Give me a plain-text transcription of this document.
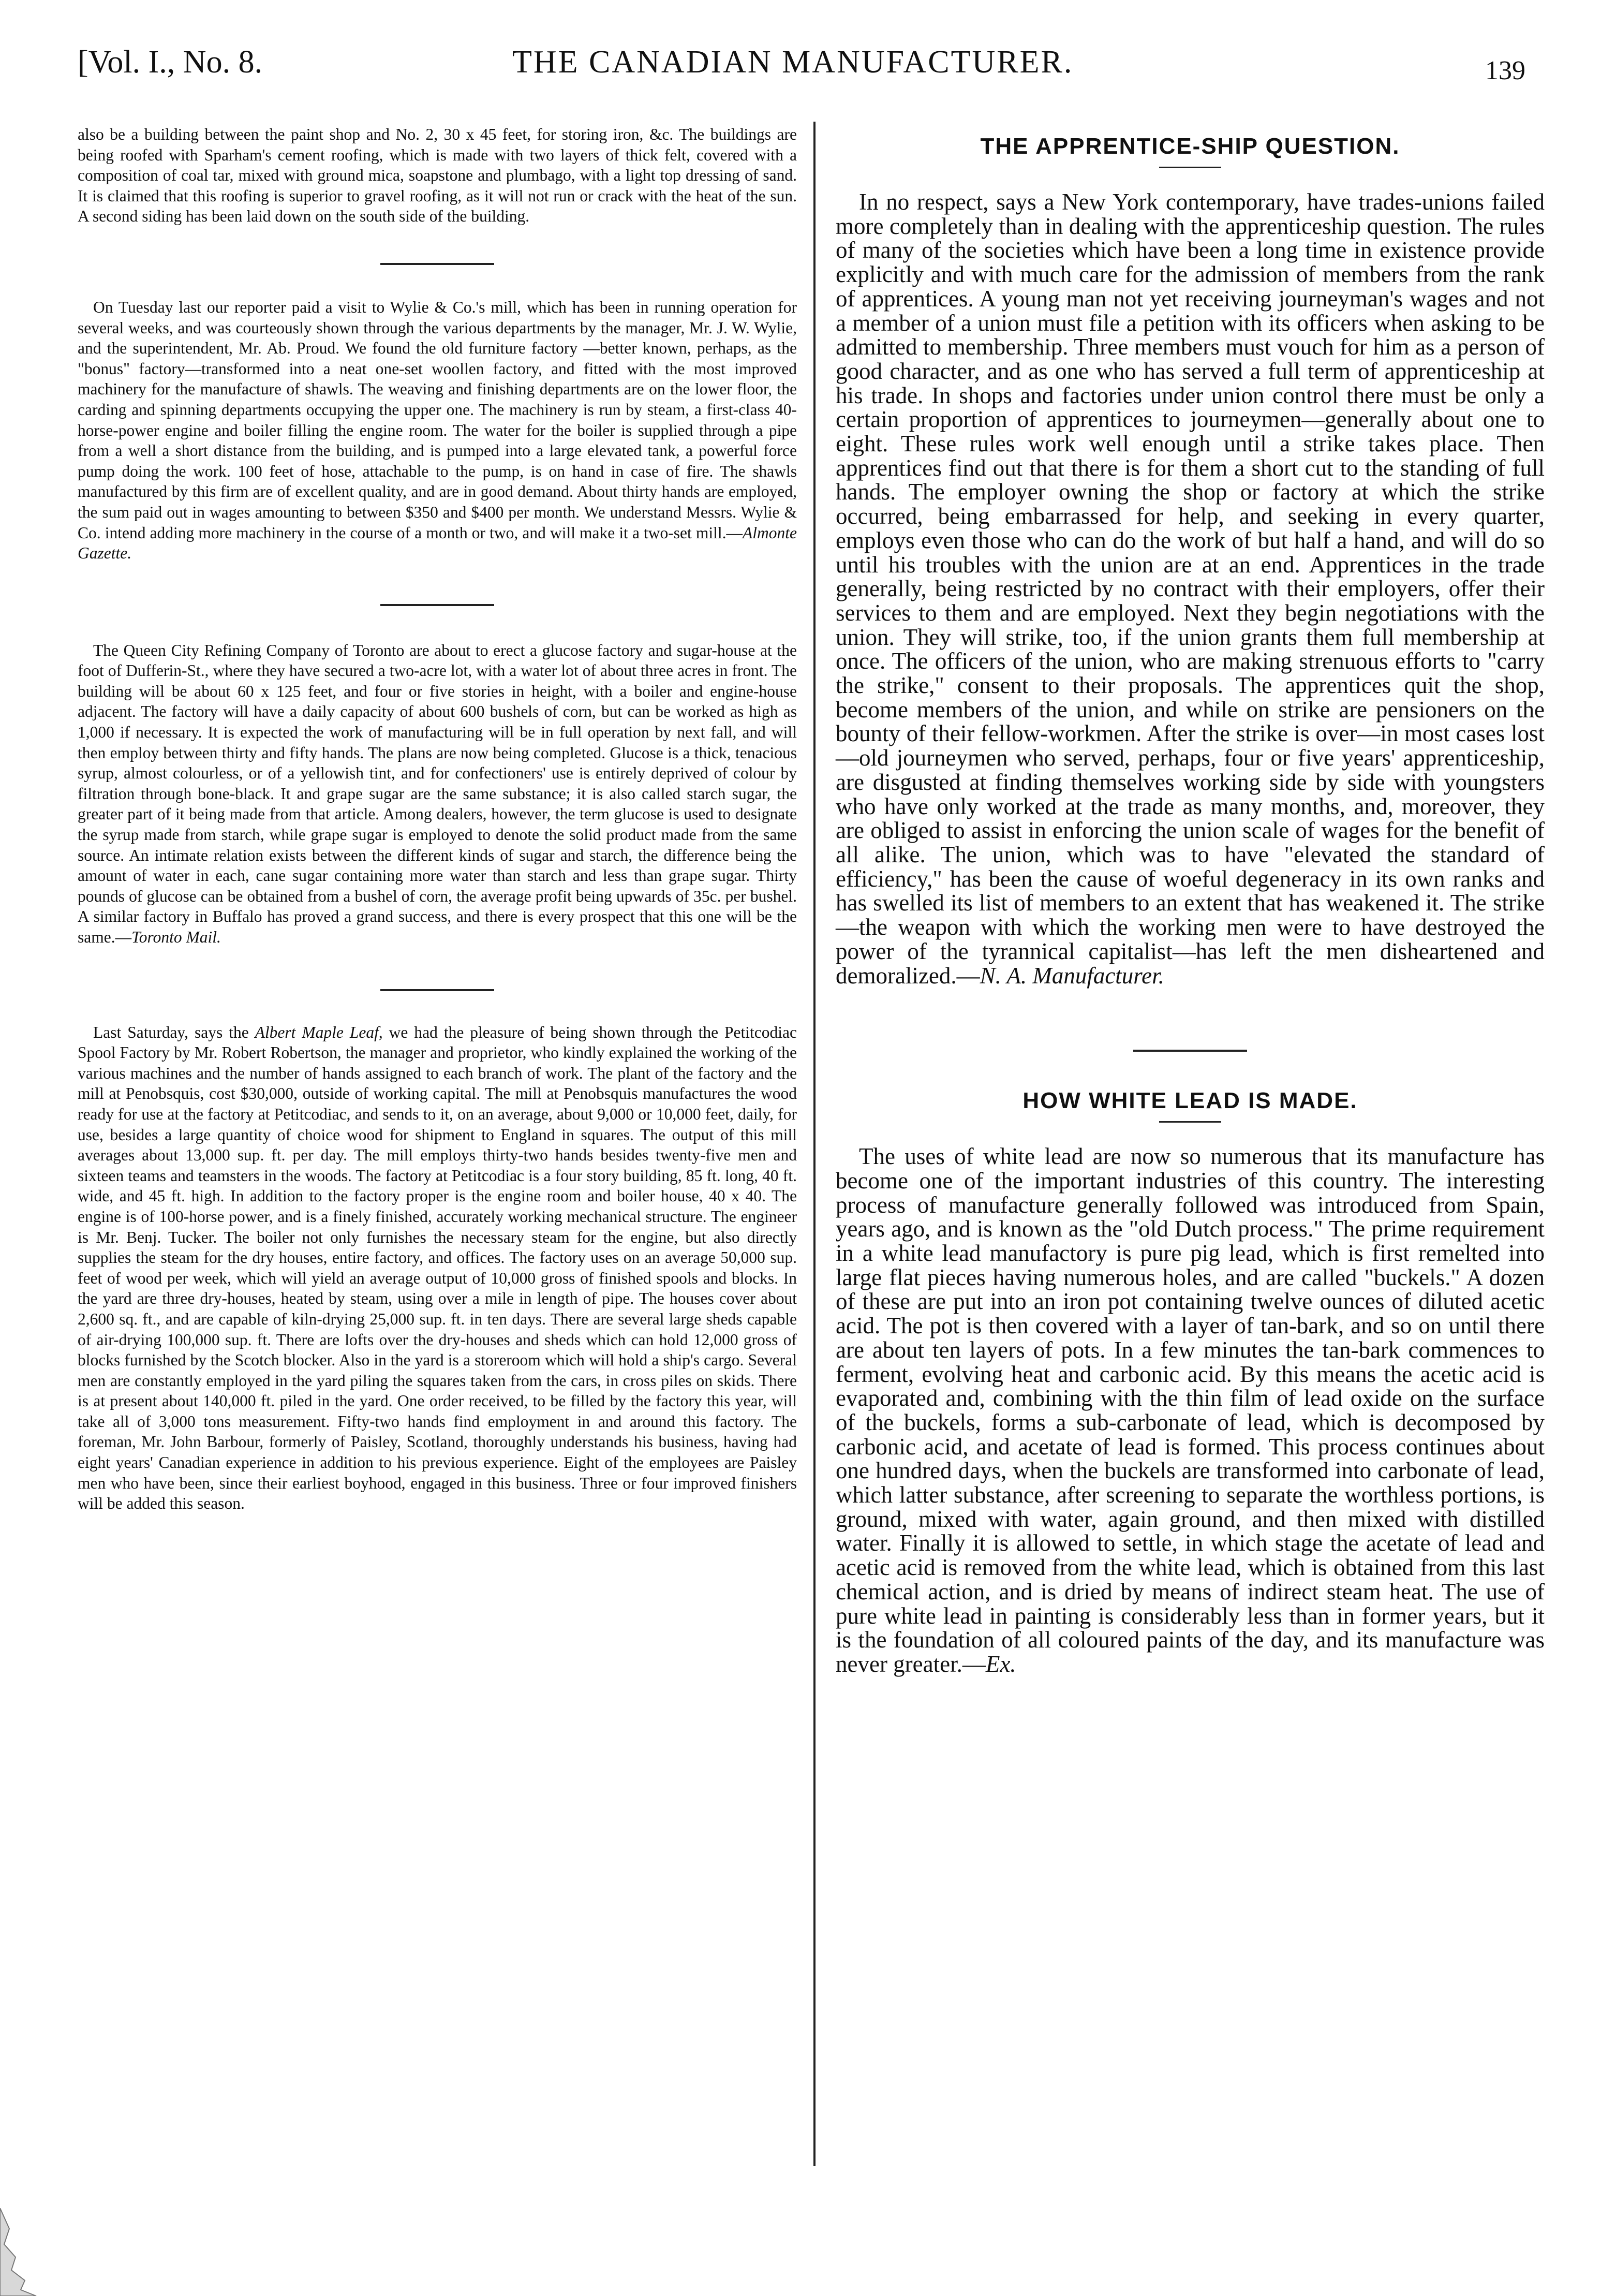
[Vol. I., No. 8.	THE CANADIAN MANUFACTURER.	139

also be a building between the paint shop and No. 2, 30 x 45 feet, for storing iron, &c. The buildings are being roofed with Sparham's cement roofing, which is made with two layers of thick felt, covered with a composition of coal tar, mixed with ground mica, soapstone and plumbago, with a light top dressing of sand. It is claimed that this roofing is superior to gravel roofing, as it will not run or crack with the heat of the sun. A second siding has been laid down on the south side of the building.

On Tuesday last our reporter paid a visit to Wylie & Co.'s mill, which has been in running operation for several weeks, and was courteously shown through the various departments by the manager, Mr. J. W. Wylie, and the superintendent, Mr. Ab. Proud. We found the old furniture factory —better known, perhaps, as the "bonus" factory—transformed into a neat one-set woollen factory, and fitted with the most improved machinery for the manufacture of shawls. The weaving and finishing departments are on the lower floor, the carding and spinning departments occupying the upper one. The machinery is run by steam, a first-class 40-horse-power engine and boiler filling the engine room. The water for the boiler is supplied through a pipe from a well a short distance from the building, and is pumped into a large elevated tank, a powerful force pump doing the work. 100 feet of hose, attachable to the pump, is on hand in case of fire. The shawls manufactured by this firm are of excellent quality, and are in good demand. About thirty hands are employed, the sum paid out in wages amounting to between $350 and $400 per month. We understand Messrs. Wylie & Co. intend adding more machinery in the course of a month or two, and will make it a two-set mill.—Almonte Gazette.

The Queen City Refining Company of Toronto are about to erect a glucose factory and sugar-house at the foot of Dufferin-St., where they have secured a two-acre lot, with a water lot of about three acres in front. The building will be about 60 x 125 feet, and four or five stories in height, with a boiler and engine-house adjacent. The factory will have a daily capacity of about 600 bushels of corn, but can be worked as high as 1,000 if necessary. It is expected the work of manufacturing will be in full operation by next fall, and will then employ between thirty and fifty hands. The plans are now being completed. Glucose is a thick, tenacious syrup, almost colourless, or of a yellowish tint, and for confectioners' use is entirely deprived of colour by filtration through bone-black. It and grape sugar are the same substance; it is also called starch sugar, the greater part of it being made from that article. Among dealers, however, the term glucose is used to designate the syrup made from starch, while grape sugar is employed to denote the solid product made from the same source. An intimate relation exists between the different kinds of sugar and starch, the difference being the amount of water in each, cane sugar containing more water than starch and less than grape sugar. Thirty pounds of glucose can be obtained from a bushel of corn, the average profit being upwards of 35c. per bushel. A similar factory in Buffalo has proved a grand success, and there is every prospect that this one will be the same.—Toronto Mail.

Last Saturday, says the Albert Maple Leaf, we had the pleasure of being shown through the Petitcodiac Spool Factory by Mr. Robert Robertson, the manager and proprietor, who kindly explained the working of the various machines and the number of hands assigned to each branch of work. The plant of the factory and the mill at Penobsquis, cost $30,000, outside of working capital. The mill at Penobsquis manufactures the wood ready for use at the factory at Petitcodiac, and sends to it, on an average, about 9,000 or 10,000 feet, daily, for use, besides a large quantity of choice wood for shipment to England in squares. The output of this mill averages about 13,000 sup. ft. per day. The mill employs thirty-two hands besides twenty-five men and sixteen teams and teamsters in the woods. The factory at Petitcodiac is a four story building, 85 ft. long, 40 ft. wide, and 45 ft. high. In addition to the factory proper is the engine room and boiler house, 40 x 40. The engine is of 100-horse power, and is a finely finished, accurately working mechanical structure. The engineer is Mr. Benj. Tucker. The boiler not only furnishes the necessary steam for the engine, but also directly supplies the steam for the dry houses, entire factory, and offices. The factory uses on an average 50,000 sup. feet of wood per week, which will yield an average output of 10,000 gross of finished spools and blocks. In the yard are three dry-houses, heated by steam, using over a mile in length of pipe. The houses cover about 2,600 sq. ft., and are capable of kiln-drying 25,000 sup. ft. in ten days. There are several large sheds capable of air-drying 100,000 sup. ft. There are lofts over the dry-houses and sheds which can hold 12,000 gross of blocks furnished by the Scotch blocker. Also in the yard is a storeroom which will hold a ship's cargo. Several men are constantly employed in the yard piling the squares taken from the cars, in cross piles on skids. There is at present about 140,000 ft. piled in the yard. One order received, to be filled by the factory this year, will take all of 3,000 tons measurement. Fifty-two hands find employment in and around this factory. The foreman, Mr. John Barbour, formerly of Paisley, Scotland, thoroughly understands his business, having had eight years' Canadian experience in addition to his previous experience. Eight of the employees are Paisley men who have been, since their earliest boyhood, engaged in this business. Three or four improved finishers will be added this season.

THE APPRENTICE-SHIP QUESTION.

In no respect, says a New York contemporary, have trades-unions failed more completely than in dealing with the apprenticeship question. The rules of many of the societies which have been a long time in existence provide explicitly and with much care for the admission of members from the rank of apprentices. A young man not yet receiving journeyman's wages and not a member of a union must file a petition with its officers when asking to be admitted to membership. Three members must vouch for him as a person of good character, and as one who has served a full term of apprenticeship at his trade. In shops and factories under union control there must be only a certain proportion of apprentices to journeymen—generally about one to eight. These rules work well enough until a strike takes place. Then apprentices find out that there is for them a short cut to the standing of full hands. The employer owning the shop or factory at which the strike occurred, being embarrassed for help, and seeking in every quarter, employs even those who can do the work of but half a hand, and will do so until his troubles with the union are at an end. Apprentices in the trade generally, being restricted by no contract with their employers, offer their services to them and are employed. Next they begin negotiations with the union. They will strike, too, if the union grants them full membership at once. The officers of the union, who are making strenuous efforts to "carry the strike," consent to their proposals. The apprentices quit the shop, become members of the union, and while on strike are pensioners on the bounty of their fellow-workmen. After the strike is over—in most cases lost—old journeymen who served, perhaps, four or five years' apprenticeship, are disgusted at finding themselves working side by side with youngsters who have only worked at the trade as many months, and, moreover, they are obliged to assist in enforcing the union scale of wages for the benefit of all alike. The union, which was to have "elevated the standard of efficiency," has been the cause of woeful degeneracy in its own ranks and has swelled its list of members to an extent that has weakened it. The strike—the weapon with which the working men were to have destroyed the power of the tyrannical capitalist—has left the men disheartened and demoralized.—N. A. Manufacturer.

HOW WHITE LEAD IS MADE.

The uses of white lead are now so numerous that its manufacture has become one of the important industries of this country. The interesting process of manufacture generally followed was introduced from Spain, years ago, and is known as the "old Dutch process." The prime requirement in a white lead manufactory is pure pig lead, which is first remelted into large flat pieces having numerous holes, and are called "buckels." A dozen of these are put into an iron pot containing twelve ounces of diluted acetic acid. The pot is then covered with a layer of tan-bark, and so on until there are about ten layers of pots. In a few minutes the tan-bark commences to ferment, evolving heat and carbonic acid. By this means the acetic acid is evaporated and, combining with the thin film of lead oxide on the surface of the buckels, forms a sub-carbonate of lead, which is decomposed by carbonic acid, and acetate of lead is formed. This process continues about one hundred days, when the buckels are transformed into carbonate of lead, which latter substance, after screening to separate the worthless portions, is ground, mixed with water, again ground, and then mixed with distilled water. Finally it is allowed to settle, in which stage the acetate of lead and acetic acid is removed from the white lead, which is obtained from this last chemical action, and is dried by means of indirect steam heat. The use of pure white lead in painting is considerably less than in former years, but it is the foundation of all coloured paints of the day, and its manufacture was never greater.—Ex.
